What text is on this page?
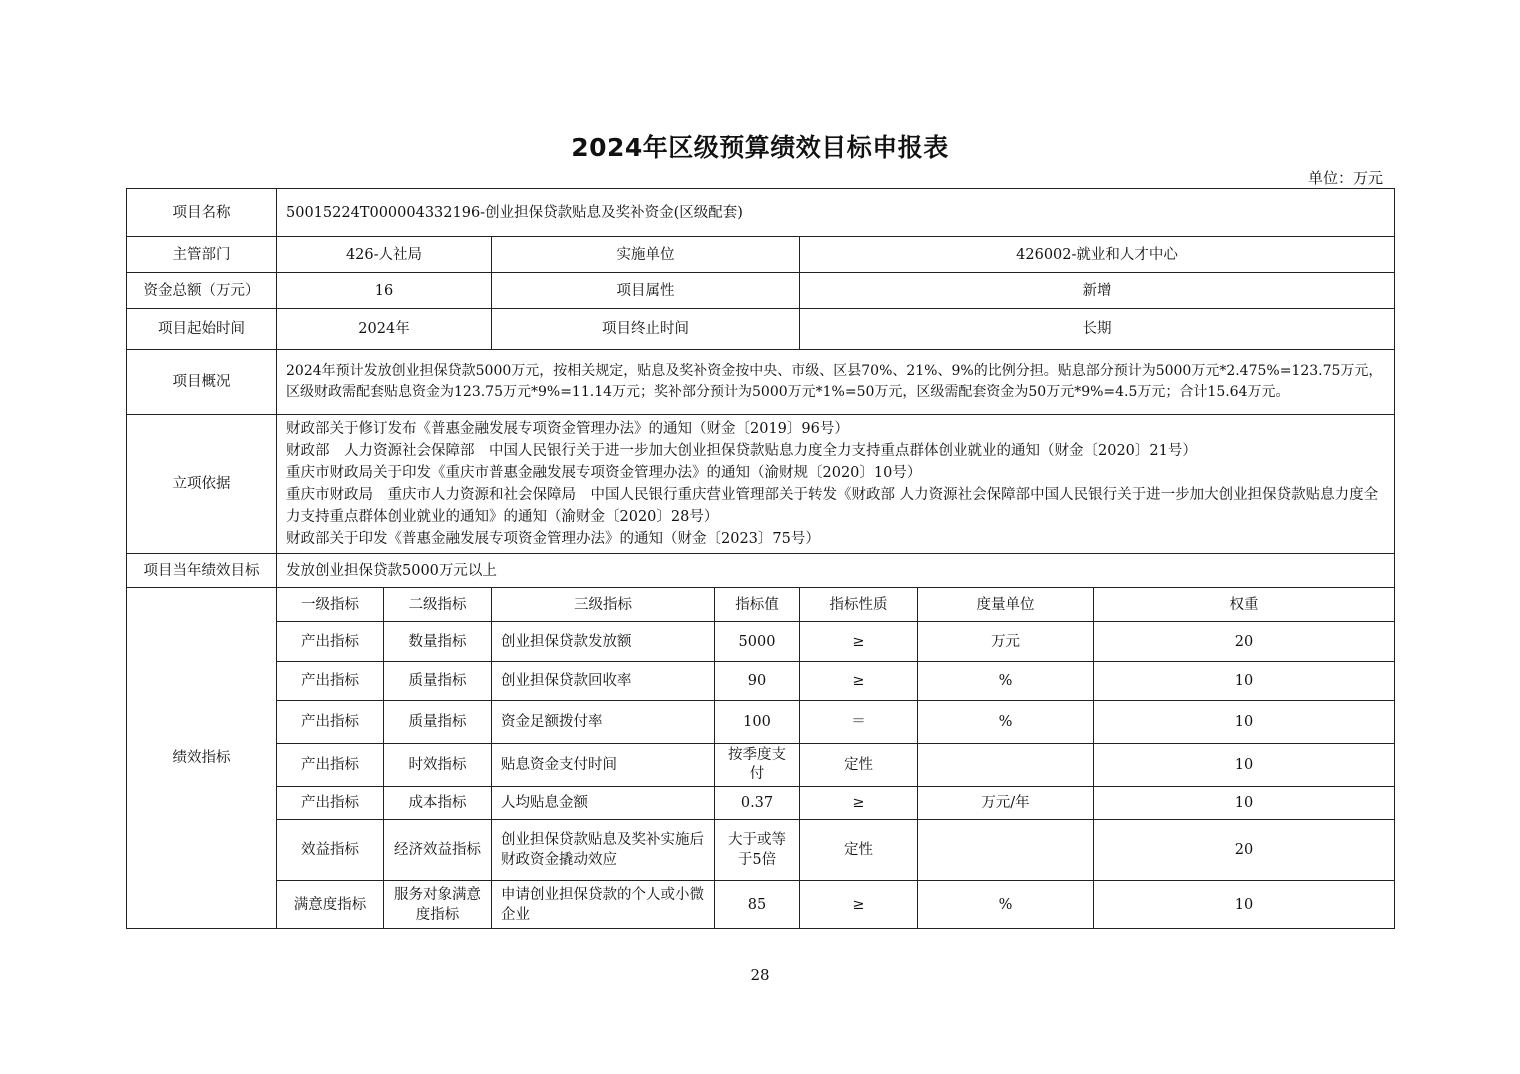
2024年区级预算绩效目标申报表
单位：万元
项目名称	50015224T000004332196-创业担保贷款贴息及奖补资金(区级配套)						
主管部门	426-人社局		实施单位		426002-就业和人才中心		
资金总额（万元）	16		项目属性		新增		
项目起始时间	2024年		项目终止时间		长期		
项目概况	2024年预计发放创业担保贷款5000万元，按相关规定，贴息及奖补资金按中央、市级、区县70%、21%、9%的比例分担。贴息部分预计为5000万元*2.475%=123.75万元，区级财政需配套贴息资金为123.75万元*9%=11.14万元；奖补部分预计为5000万元*1%=50万元，区级需配套资金为50万元*9%=4.5万元；合计15.64万元。						
立项依据	财政部关于修订发布《普惠金融发展专项资金管理办法》的通知（财金〔2019〕96号）
财政部　人力资源社会保障部　中国人民银行关于进一步加大创业担保贷款贴息力度全力支持重点群体创业就业的通知（财金〔2020〕21号）
重庆市财政局关于印发《重庆市普惠金融发展专项资金管理办法》的通知（渝财规〔2020〕10号）
重庆市财政局　重庆市人力资源和社会保障局　中国人民银行重庆营业管理部关于转发《财政部 人力资源社会保障部中国人民银行关于进一步加大创业担保贷款贴息力度全力支持重点群体创业就业的通知》的通知（渝财金〔2020〕28号）
财政部关于印发《普惠金融发展专项资金管理办法》的通知（财金〔2023〕75号）						

项目当年绩效目标	发放创业担保贷款5000万元以上						
绩效指标	一级指标	二级指标	三级指标	指标值	指标性质	度量单位	权重
	产出指标	数量指标	创业担保贷款发放额	5000	≥	万元	20
	产出指标	质量指标	创业担保贷款回收率	90	≥	%	10
	产出指标	质量指标	资金足额拨付率	100	＝	%	10
	产出指标	时效指标	贴息资金支付时间	按季度支付	定性		10
	产出指标	成本指标	人均贴息金额	0.37	≥	万元/年	10
	效益指标	经济效益指标	创业担保贷款贴息及奖补实施后财政资金撬动效应	大于或等于5倍	定性		20
	满意度指标	服务对象满意度指标	申请创业担保贷款的个人或小微企业	85	≥	%	10
28
